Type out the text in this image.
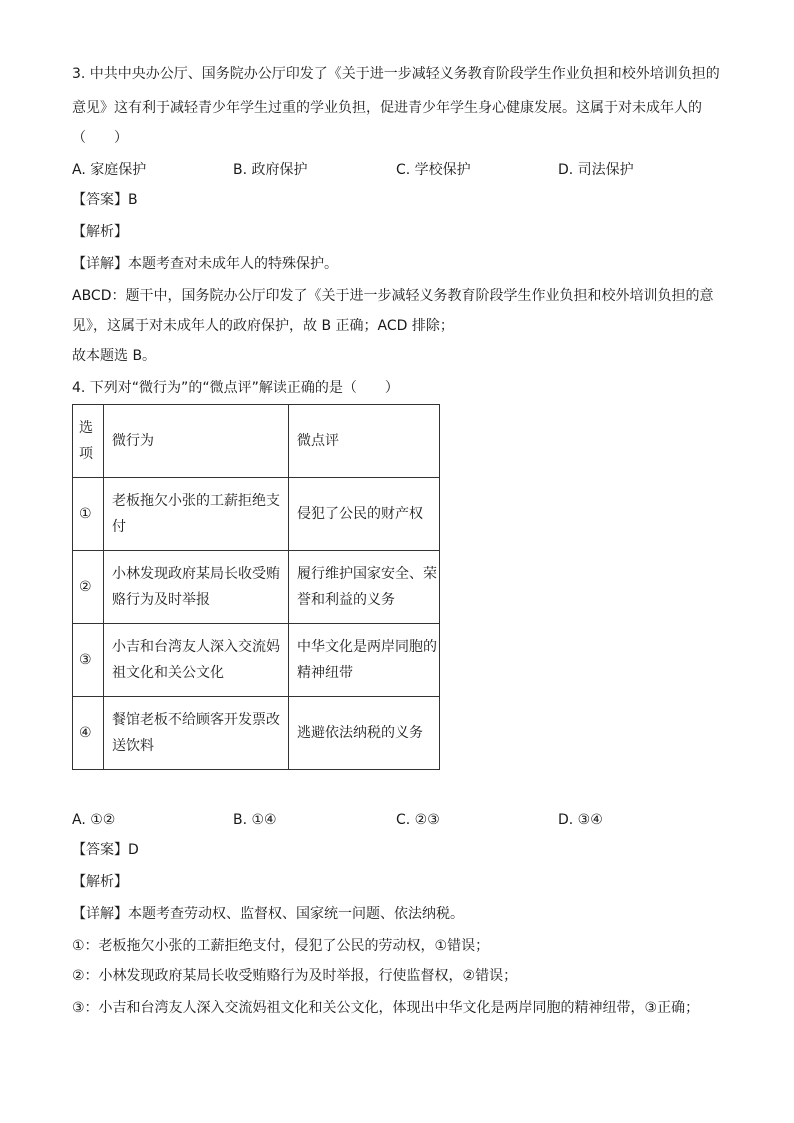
3. 中共中央办公厅、国务院办公厅印发了《关于进一步减轻义务教育阶段学生作业负担和校外培训负担的
意见》这有利于减轻青少年学生过重的学业负担，促进青少年学生身心健康发展。这属于对未成年人的
（　　）
A. 家庭保护	B. 政府保护	C. 学校保护	D. 司法保护
【答案】B
【解析】
【详解】本题考查对未成年人的特殊保护。
ABCD：题干中，国务院办公厅印发了《关于进一步减轻义务教育阶段学生作业负担和校外培训负担的意
见》，这属于对未成年人的政府保护，故 B 正确；ACD 排除；
故本题选 B。
4. 下列对“微行为”的“微点评”解读正确的是（　　）
选项	微行为	微点评
①	老板拖欠小张的工薪拒绝支付	侵犯了公民的财产权
②	小林发现政府某局长收受贿赂行为及时举报	履行维护国家安全、荣誉和利益的义务
③	小吉和台湾友人深入交流妈祖文化和关公文化	中华文化是两岸同胞的精神纽带
④	餐馆老板不给顾客开发票改送饮料	逃避依法纳税的义务
A. ①②	B. ①④	C. ②③	D. ③④
【答案】D
【解析】
【详解】本题考查劳动权、监督权、国家统一问题、依法纳税。
①：老板拖欠小张的工薪拒绝支付，侵犯了公民的劳动权，①错误；
②：小林发现政府某局长收受贿赂行为及时举报，行使监督权，②错误；
③：小吉和台湾友人深入交流妈祖文化和关公文化，体现出中华文化是两岸同胞的精神纽带，③正确；
